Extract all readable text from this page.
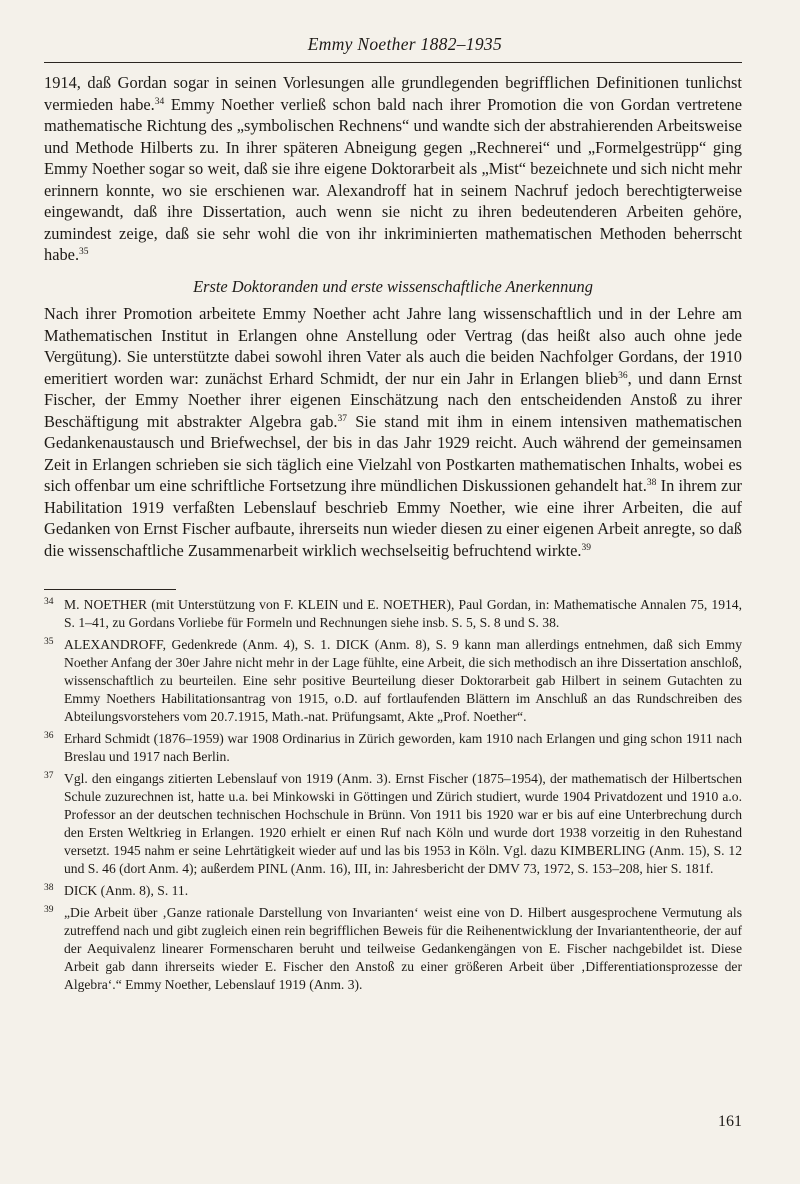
Emmy Noether 1882–1935

1914, daß Gordan sogar in seinen Vorlesungen alle grundlegenden begrifflichen Definitionen tunlichst vermieden habe.$^{34}$ Emmy Noether verließ schon bald nach ihrer Promotion die von Gordan vertretene mathematische Richtung des „symbolischen Rechnens“ und wandte sich der abstrahierenden Arbeitsweise und Methode Hilberts zu. In ihrer späteren Abneigung gegen „Rechnerei“ und „Formelgestrüpp“ ging Emmy Noether sogar so weit, daß sie ihre eigene Doktorarbeit als „Mist“ bezeichnete und sich nicht mehr erinnern konnte, wo sie erschienen war. Alexandroff hat in seinem Nachruf jedoch berechtigterweise eingewandt, daß ihre Dissertation, auch wenn sie nicht zu ihren bedeutenderen Arbeiten gehöre, zumindest zeige, daß sie sehr wohl die von ihr inkriminierten mathematischen Methoden beherrscht habe.$^{35}$

Erste Doktoranden und erste wissenschaftliche Anerkennung

Nach ihrer Promotion arbeitete Emmy Noether acht Jahre lang wissenschaftlich und in der Lehre am Mathematischen Institut in Erlangen ohne Anstellung oder Vertrag (das heißt also auch ohne jede Vergütung). Sie unterstützte dabei sowohl ihren Vater als auch die beiden Nachfolger Gordans, der 1910 emeritiert worden war: zunächst Erhard Schmidt, der nur ein Jahr in Erlangen blieb$^{36}$, und dann Ernst Fischer, der Emmy Noether ihrer eigenen Einschätzung nach den entscheidenden Anstoß zu ihrer Beschäftigung mit abstrakter Algebra gab.$^{37}$ Sie stand mit ihm in einem intensiven mathematischen Gedankenaustausch und Briefwechsel, der bis in das Jahr 1929 reicht. Auch während der gemeinsamen Zeit in Erlangen schrieben sie sich täglich eine Vielzahl von Postkarten mathematischen Inhalts, wobei es sich offenbar um eine schriftliche Fortsetzung ihre mündlichen Diskussionen gehandelt hat.$^{38}$ In ihrem zur Habilitation 1919 verfaßten Lebenslauf beschrieb Emmy Noether, wie eine ihrer Arbeiten, die auf Gedanken von Ernst Fischer aufbaute, ihrerseits nun wieder diesen zu einer eigenen Arbeit anregte, so daß die wissenschaftliche Zusammenarbeit wirklich wechselseitig befruchtend wirkte.$^{39}$

34 M. NOETHER (mit Unterstützung von F. KLEIN und E. NOETHER), Paul Gordan, in: Mathematische Annalen 75, 1914, S. 1–41, zu Gordans Vorliebe für Formeln und Rechnungen siehe insb. S. 5, S. 8 und S. 38.
35 ALEXANDROFF, Gedenkrede (Anm. 4), S. 1. DICK (Anm. 8), S. 9 kann man allerdings entnehmen, daß sich Emmy Noether Anfang der 30er Jahre nicht mehr in der Lage fühlte, eine Arbeit, die sich methodisch an ihre Dissertation anschloß, wissenschaftlich zu beurteilen. Eine sehr positive Beurteilung dieser Doktorarbeit gab Hilbert in seinem Gutachten zu Emmy Noethers Habilitationsantrag von 1915, o.D. auf fortlaufenden Blättern im Anschluß an das Rundschreiben des Abteilungsvorstehers vom 20.7.1915, Math.-nat. Prüfungsamt, Akte „Prof. Noether“.
36 Erhard Schmidt (1876–1959) war 1908 Ordinarius in Zürich geworden, kam 1910 nach Erlangen und ging schon 1911 nach Breslau und 1917 nach Berlin.
37 Vgl. den eingangs zitierten Lebenslauf von 1919 (Anm. 3). Ernst Fischer (1875–1954), der mathematisch der Hilbertschen Schule zuzurechnen ist, hatte u.a. bei Minkowski in Göttingen und Zürich studiert, wurde 1904 Privatdozent und 1910 a.o. Professor an der deutschen technischen Hochschule in Brünn. Von 1911 bis 1920 war er bis auf eine Unterbrechung durch den Ersten Weltkrieg in Erlangen. 1920 erhielt er einen Ruf nach Köln und wurde dort 1938 vorzeitig in den Ruhestand versetzt. 1945 nahm er seine Lehrtätigkeit wieder auf und las bis 1953 in Köln. Vgl. dazu KIMBERLING (Anm. 15), S. 12 und S. 46 (dort Anm. 4); außerdem PINL (Anm. 16), III, in: Jahresbericht der DMV 73, 1972, S. 153–208, hier S. 181f.
38 DICK (Anm. 8), S. 11.
39 „Die Arbeit über ‚Ganze rationale Darstellung von Invarianten‘ weist eine von D. Hilbert ausgesprochene Vermutung als zutreffend nach und gibt zugleich einen rein begrifflichen Beweis für die Reihenentwicklung der Invariantentheorie, der auf der Aequivalenz linearer Formenscharen beruht und teilweise Gedankengängen von E. Fischer nachgebildet ist. Diese Arbeit gab dann ihrerseits wieder E. Fischer den Anstoß zu einer größeren Arbeit über ‚Differentiationsprozesse der Algebra‘.“ Emmy Noether, Lebenslauf 1919 (Anm. 3).
161
